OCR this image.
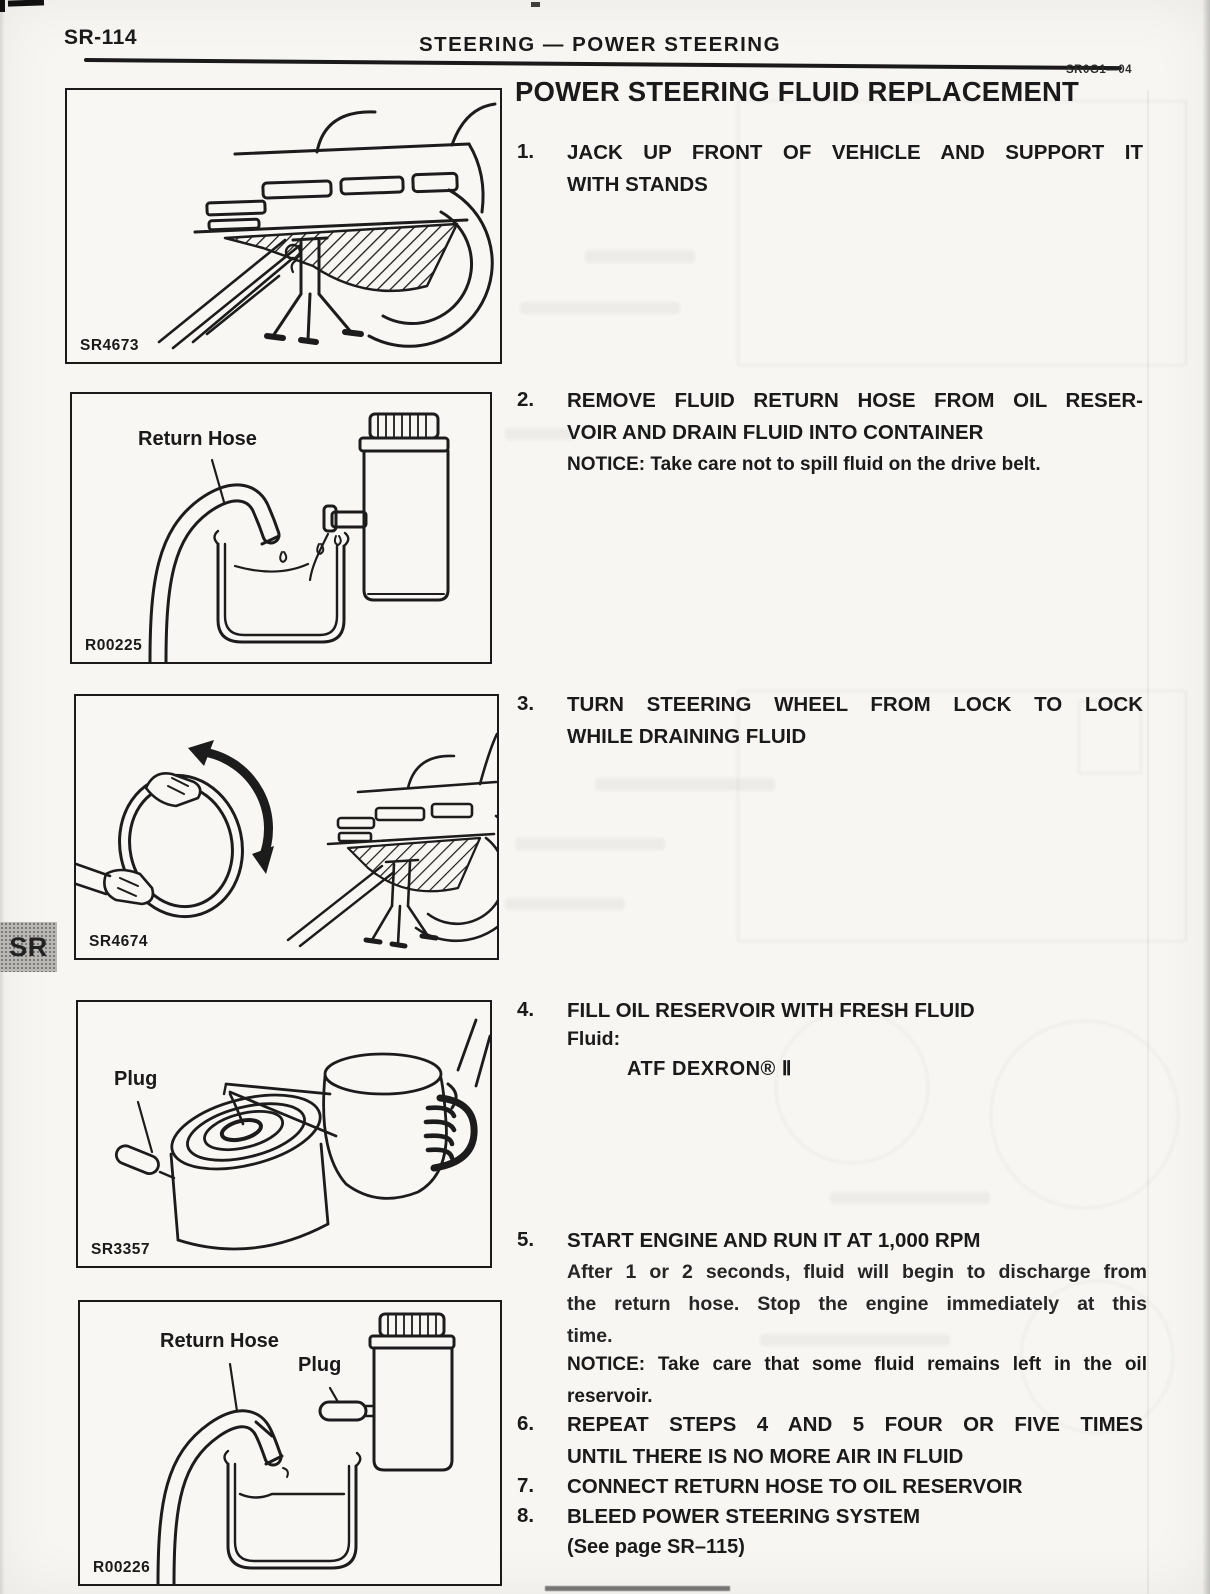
SR-114	STEERING — POWER STEERING
SR0G1—04
POWER STEERING FLUID REPLACEMENT
SR
SR4673
Return Hose
R00225
SR4674
Plug
SR3357
Return Hose
Plug
R00226
1.	JACK UP FRONT OF VEHICLE AND SUPPORT IT
WITH STANDS
2.	REMOVE FLUID RETURN HOSE FROM OIL RESER-
VOIR AND DRAIN FLUID INTO CONTAINER
NOTICE: Take care not to spill fluid on the drive belt.
3.	TURN STEERING WHEEL FROM LOCK TO LOCK
WHILE DRAINING FLUID
4.	FILL OIL RESERVOIR WITH FRESH FLUID
Fluid:
ATF DEXRON® Ⅱ
5.	START ENGINE AND RUN IT AT 1,000 RPM
After 1 or 2 seconds, fluid will begin to discharge from
the return hose. Stop the engine immediately at this
time.
NOTICE: Take care that some fluid remains left in the oil
reservoir.
6.	REPEAT STEPS 4 AND 5 FOUR OR FIVE TIMES
UNTIL THERE IS NO MORE AIR IN FLUID
7.	CONNECT RETURN HOSE TO OIL RESERVOIR
8.	BLEED POWER STEERING SYSTEM
(See page SR–115)
